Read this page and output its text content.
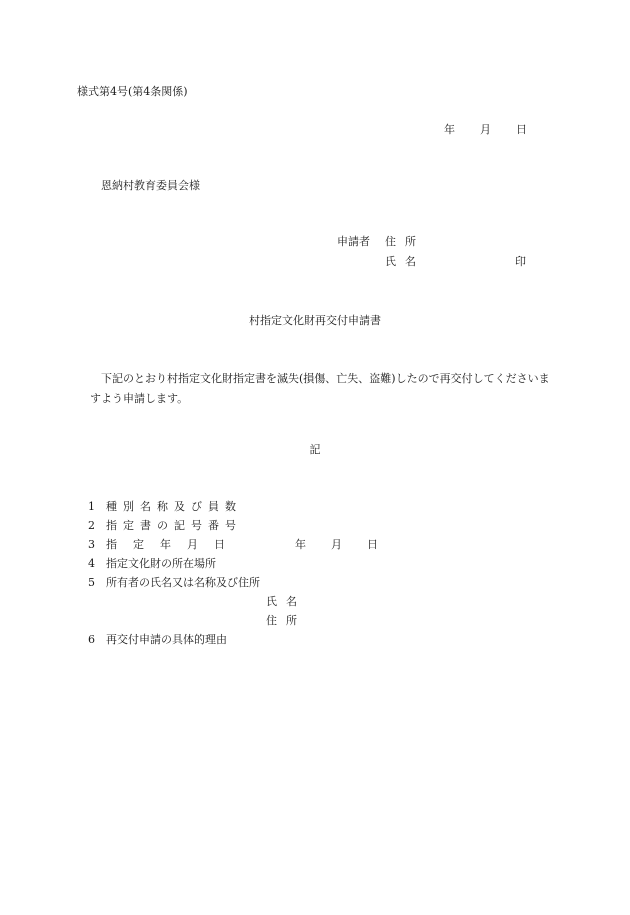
様式第4号(第4条関係)
年 月 日
恩納村教育委員会様
申請者 住所
氏名	印
村指定文化財再交付申請書
下記のとおり村指定文化財指定書を滅失(損傷、亡失、盗難)したので再交付してくださいますよう申請します。
記
1 種別名称及び員数
2 指定書の記号番号
3 指定年月日	年 月 日
4 指定文化財の所在場所
5 所有者の氏名又は名称及び住所
氏名
住所
6 再交付申請の具体的理由
